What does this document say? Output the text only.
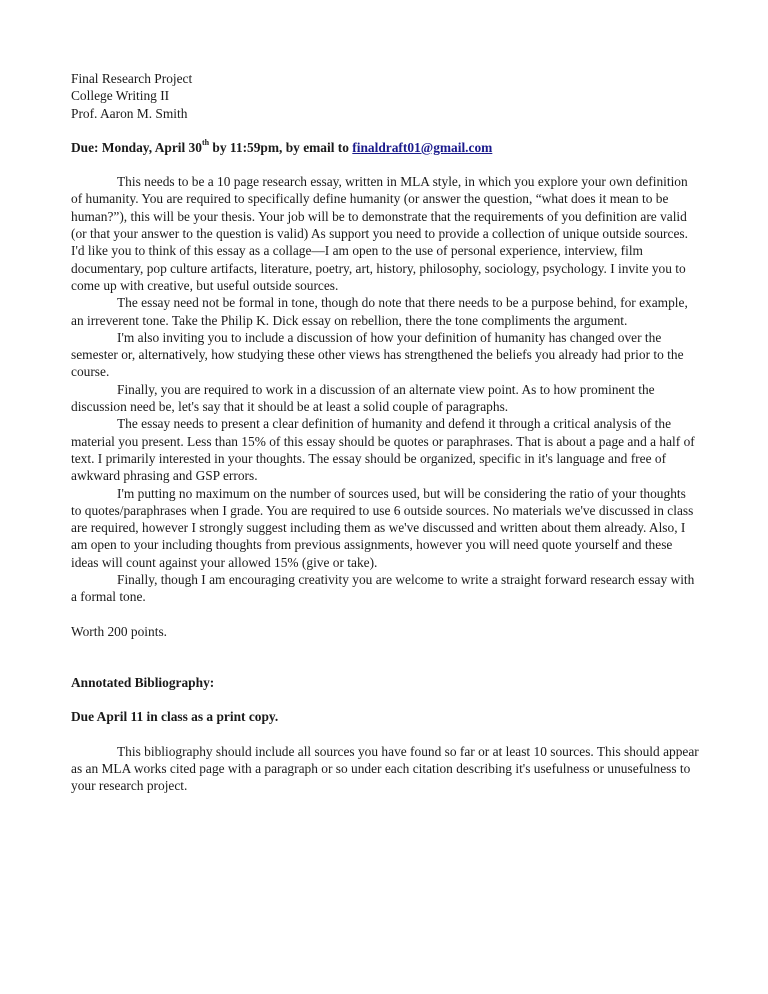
Final Research Project
College Writing II
Prof. Aaron M. Smith
Due: Monday, April 30th by 11:59pm, by email to finaldraft01@gmail.com

This needs to be a 10 page research essay, written in MLA style, in which you explore your own definition of humanity. You are required to specifically define humanity (or answer the question, “what does it mean to be human?”), this will be your thesis. Your job will be to demonstrate that the requirements of you definition are valid (or that your answer to the question is valid) As support you need to provide a collection of unique outside sources. I'd like you to think of this essay as a collage—I am open to the use of personal experience, interview, film documentary, pop culture artifacts, literature, poetry, art, history, philosophy, sociology, psychology. I invite you to come up with creative, but useful outside sources.

The essay need not be formal in tone, though do note that there needs to be a purpose behind, for example, an irreverent tone. Take the Philip K. Dick essay on rebellion, there the tone compliments the argument.

I'm also inviting you to include a discussion of how your definition of humanity has changed over the semester or, alternatively, how studying these other views has strengthened the beliefs you already had prior to the course.

Finally, you are required to work in a discussion of an alternate view point. As to how prominent the discussion need be, let's say that it should be at least a solid couple of paragraphs.

The essay needs to present a clear definition of humanity and defend it through a critical analysis of the material you present. Less than 15% of this essay should be quotes or paraphrases. That is about a page and a half of text. I primarily interested in your thoughts. The essay should be organized, specific in it's language and free of awkward phrasing and GSP errors.

I'm putting no maximum on the number of sources used, but will be considering the ratio of your thoughts to quotes/paraphrases when I grade. You are required to use 6 outside sources. No materials we've discussed in class are required, however I strongly suggest including them as we've discussed and written about them already. Also, I am open to your including thoughts from previous assignments, however you will need quote yourself and these ideas will count against your allowed 15% (give or take).

Finally, though I am encouraging creativity you are welcome to write a straight forward research essay with a formal tone.

Worth 200 points.
Annotated Bibliography:
Due April 11 in class as a print copy.

This bibliography should include all sources you have found so far or at least 10 sources. This should appear as an MLA works cited page with a paragraph or so under each citation describing it's usefulness or unusefulness to your research project.
